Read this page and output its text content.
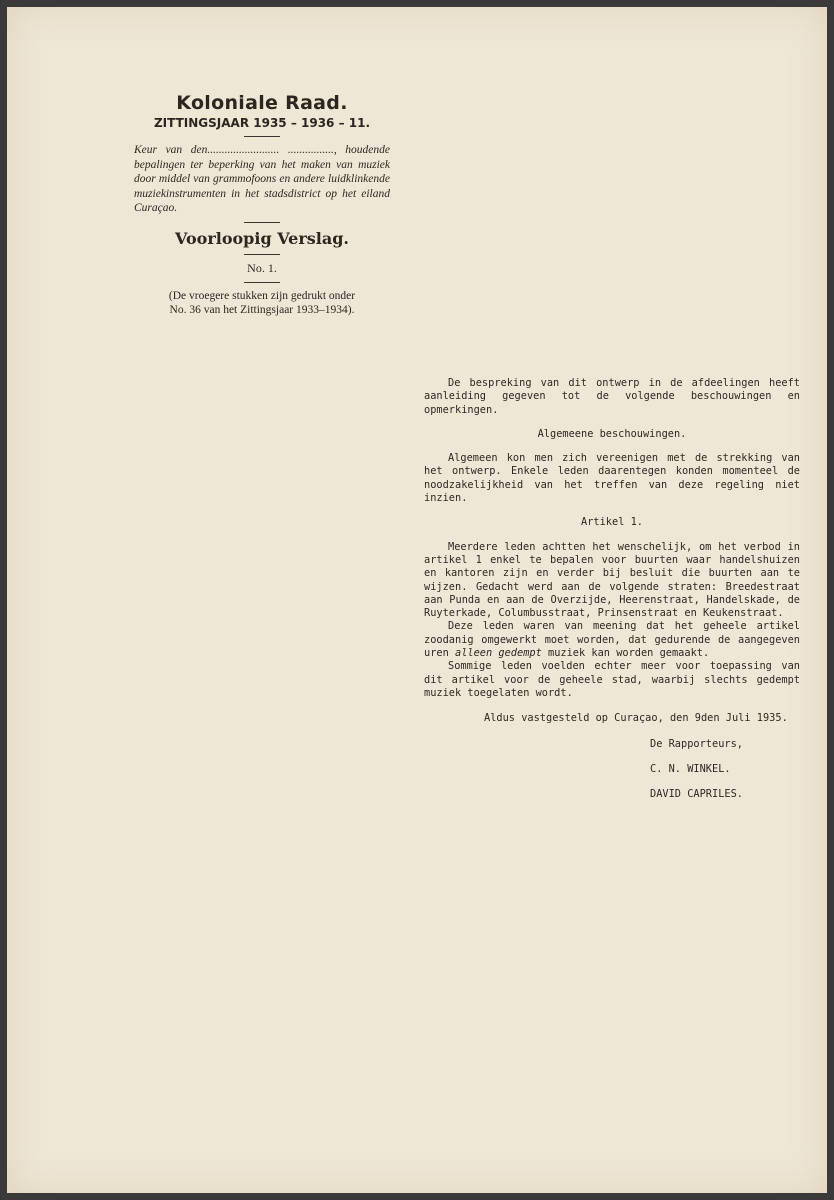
Koloniale Raad.
ZITTINGSJAAR 1935 – 1936 – 11.

Keur van den......................... ................, houdende bepalingen ter beperking van het maken van muziek door middel van grammofoons en andere luidklinkende muziekinstrumenten in het stadsdistrict op het eiland Curaçao.

Voorloopig Verslag.
No. 1.
(De vroegere stukken zijn gedrukt onder
No. 36 van het Zittingsjaar 1933–1934).

De bespreking van dit ontwerp in de afdeelingen heeft aanleiding gegeven tot de volgende beschouwingen en opmerkingen.

Algemeene beschouwingen.

Algemeen kon men zich vereenigen met de strekking van het ontwerp. Enkele leden daarentegen konden momenteel de noodzakelijkheid van het treffen van deze regeling niet inzien.

Artikel 1.

Meerdere leden achtten het wenschelijk, om het verbod in artikel 1 enkel te bepalen voor buurten waar handelshuizen en kantoren zijn en verder bij besluit die buurten aan te wijzen. Gedacht werd aan de volgende straten: Breedestraat aan Punda en aan de Overzijde, Heerenstraat, Handelskade, de Ruyterkade, Columbusstraat, Prinsenstraat en Keukenstraat.

Deze leden waren van meening dat het geheele artikel zoodanig omgewerkt moet worden, dat gedurende de aangegeven uren alleen gedempt muziek kan worden gemaakt.

Sommige leden voelden echter meer voor toepassing van dit artikel voor de geheele stad, waarbij slechts gedempt muziek toegelaten wordt.

Aldus vastgesteld op Curaçao, den 9den Juli 1935.

De Rapporteurs,

C. N. WINKEL.

DAVID CAPRILES.
